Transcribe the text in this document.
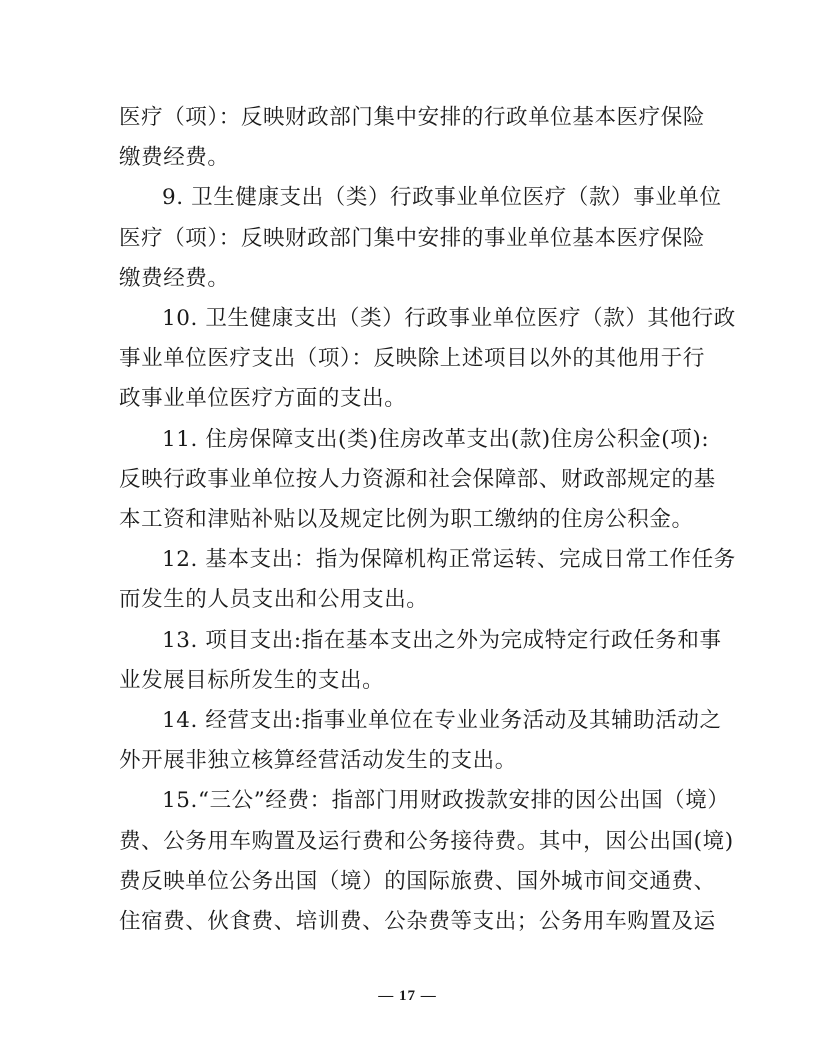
医疗（项）：反映财政部门集中安排的行政单位基本医疗保险
缴费经费。

9. 卫生健康支出（类）行政事业单位医疗（款）事业单位
医疗（项）：反映财政部门集中安排的事业单位基本医疗保险
缴费经费。

10. 卫生健康支出（类）行政事业单位医疗（款）其他行政
事业单位医疗支出（项）：反映除上述项目以外的其他用于行
政事业单位医疗方面的支出。

11. 住房保障支出(类)住房改革支出(款)住房公积金(项):
反映行政事业单位按人力资源和社会保障部、财政部规定的基
本工资和津贴补贴以及规定比例为职工缴纳的住房公积金。

12. 基本支出：指为保障机构正常运转、完成日常工作任务
而发生的人员支出和公用支出。

13. 项目支出:指在基本支出之外为完成特定行政任务和事
业发展目标所发生的支出。

14. 经营支出:指事业单位在专业业务活动及其辅助活动之
外开展非独立核算经营活动发生的支出。

15.“三公”经费：指部门用财政拨款安排的因公出国（境）
费、公务用车购置及运行费和公务接待费。其中，因公出国(境)
费反映单位公务出国（境）的国际旅费、国外城市间交通费、
住宿费、伙食费、培训费、公杂费等支出；公务用车购置及运

— 17 —
